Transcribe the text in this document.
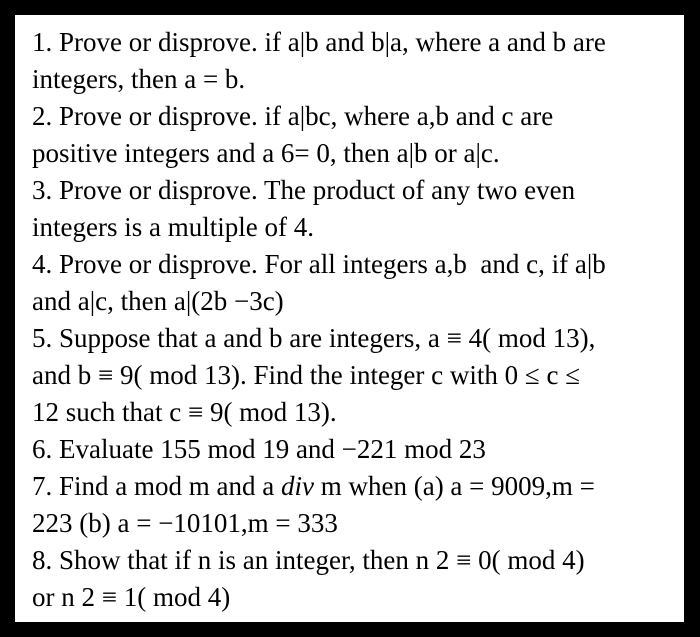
1. Prove or disprove. if a|b and b|a, where a and b are
integers, then a = b.
2. Prove or disprove. if a|bc, where a,b and c are
positive integers and a 6= 0, then a|b or a|c.
3. Prove or disprove. The product of any two even
integers is a multiple of 4.
4. Prove or disprove. For all integers a,b  and c, if a|b
and a|c, then a|(2b −3c)
5. Suppose that a and b are integers, a ≡ 4( mod 13),
and b ≡ 9( mod 13). Find the integer c with 0 ≤ c ≤
12 such that c ≡ 9( mod 13).
6. Evaluate 155 mod 19 and −221 mod 23
7. Find a mod m and a div m when (a) a = 9009,m =
223 (b) a = −10101,m = 333
8. Show that if n is an integer, then n 2 ≡ 0( mod 4)
or n 2 ≡ 1( mod 4)
